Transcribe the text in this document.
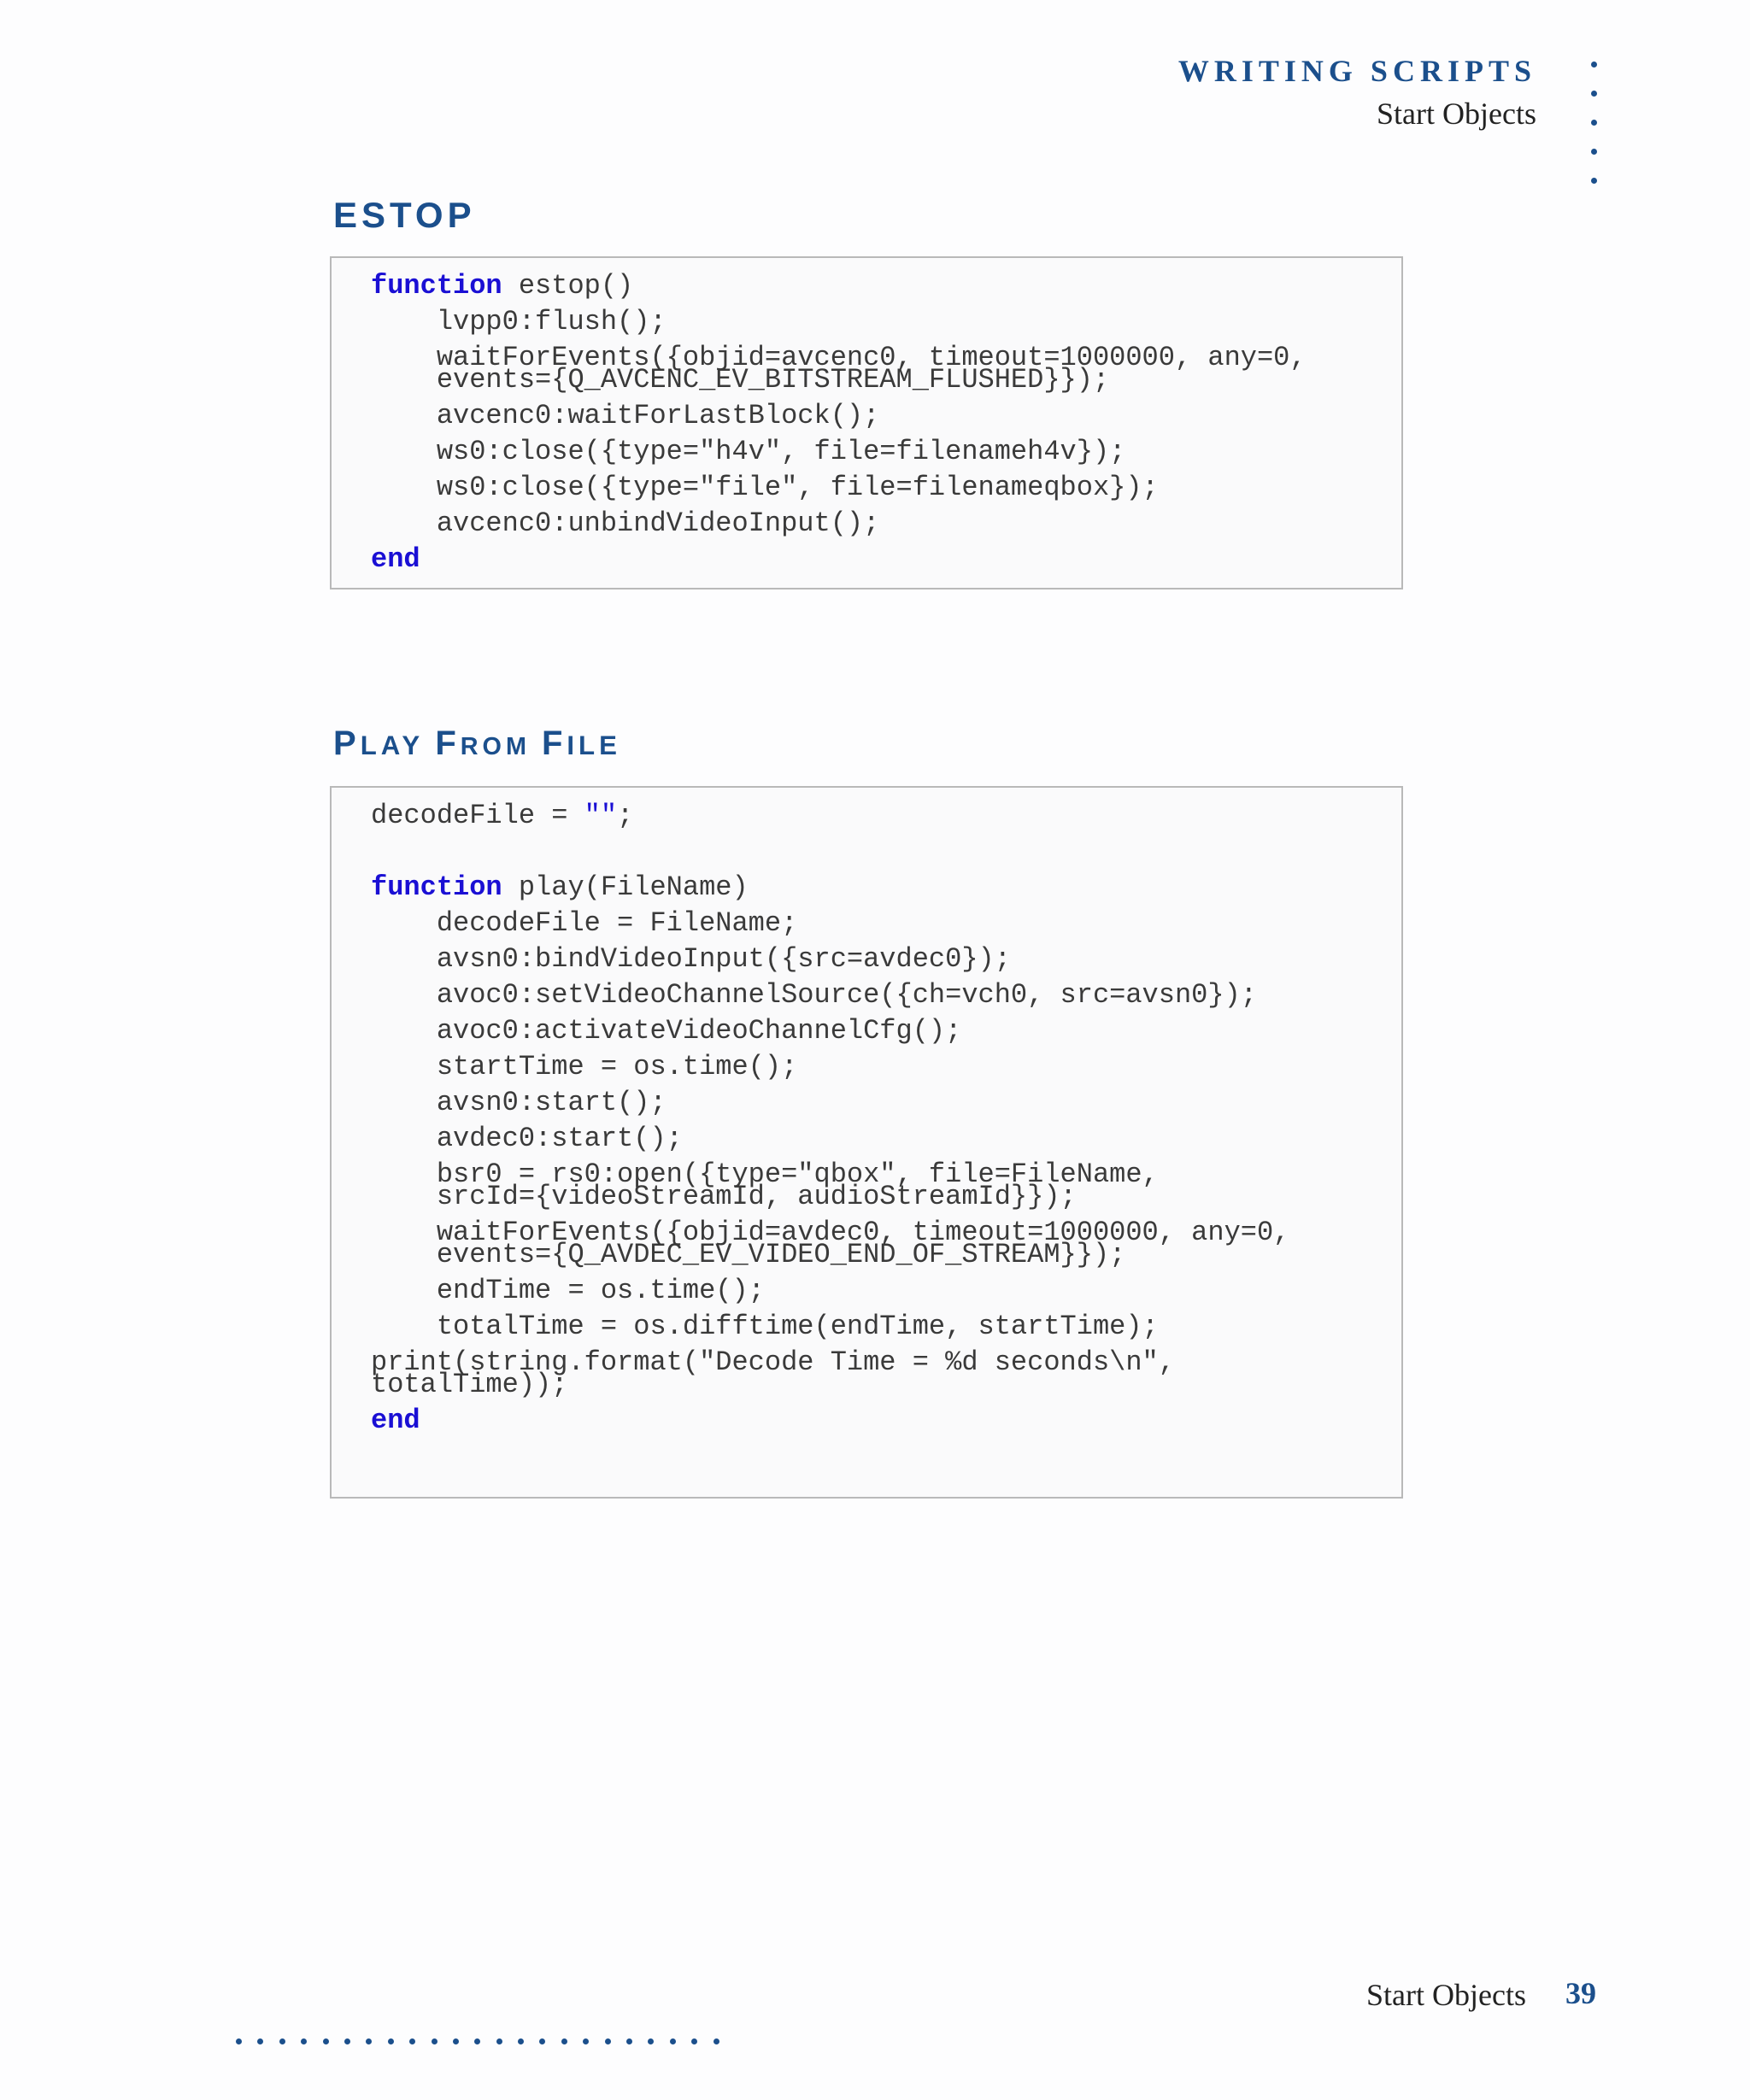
WRITING SCRIPTS
Start Objects
ESTOP
function estop()
lvpp0:flush();
waitForEvents({objid=avcenc0, timeout=1000000, any=0,
events={Q_AVCENC_EV_BITSTREAM_FLUSHED}});
avcenc0:waitForLastBlock();
ws0:close({type="h4v", file=filenameh4v});
ws0:close({type="file", file=filenameqbox});
avcenc0:unbindVideoInput();
end
PLAY FROM FILE
decodeFile = "";
function play(FileName)
decodeFile = FileName;
avsn0:bindVideoInput({src=avdec0});
avoc0:setVideoChannelSource({ch=vch0, src=avsn0});
avoc0:activateVideoChannelCfg();
startTime = os.time();
avsn0:start();
avdec0:start();
bsr0 = rs0:open({type="qbox", file=FileName,
srcId={videoStreamId, audioStreamId}});
waitForEvents({objid=avdec0, timeout=1000000, any=0,
events={Q_AVDEC_EV_VIDEO_END_OF_STREAM}});
endTime = os.time();
totalTime = os.difftime(endTime, startTime);
print(string.format("Decode Time = %d seconds\n",
totalTime));
end
Start Objects 39
